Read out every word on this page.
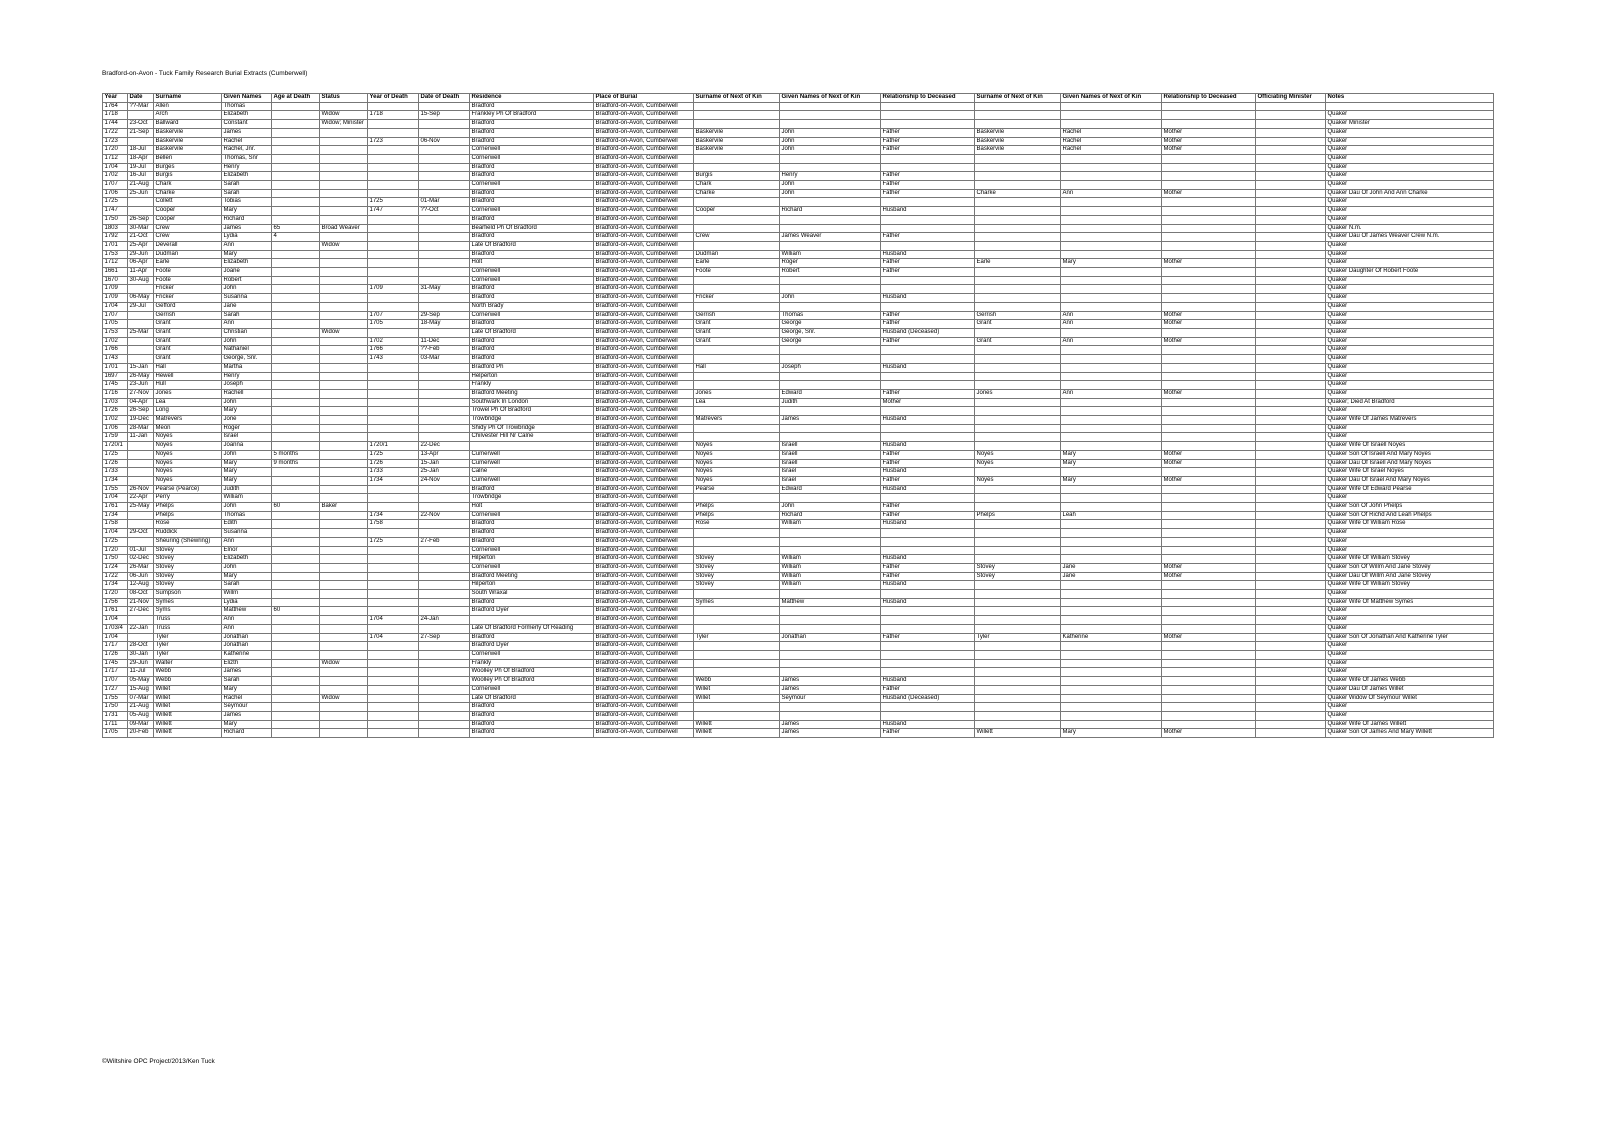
Bradford-on-Avon - Tuck Family Research Burial Extracts (Cumberwell)
Year	Date	Surname	Given Names	Age at Death	Status	Year of Death	Date of Death	Residence	Place of Burial	Surname of Next of Kin	Given Names of Next of Kin	Relationship to Deceased	Surname of Next of Kin	Given Names of Next of Kin	Relationship to Deceased	Officiating Minister	Notes
1764	??-Mar	Allen	Thomas					Bradford	Bradford-on-Avon, Cumberwell								
1718		Arch	Elizabeth		Widow	1718	15-Sep	Frankley Ph Of Bradford	Bradford-on-Avon, Cumberwell								Quaker
1744	23-Oct	Ballward	Constant		Widow; Minister			Bradford	Bradford-on-Avon, Cumberwell								Quaker Minister
1722	21-Sep	Baskervile	James					Bradford	Bradford-on-Avon, Cumberwell	Baskervile	John	Father	Baskervile	Rachel	Mother		Quaker
1723		Baskervile	Rachel			1723	06-Nov	Bradford	Bradford-on-Avon, Cumberwell	Baskervile	John	Father	Baskervile	Rachel	Mother		Quaker
1720	18-Jul	Baskervile	Rachel, Jnr.					Cornerwell	Bradford-on-Avon, Cumberwell	Baskervile	John	Father	Baskervile	Rachel	Mother		Quaker
1712	18-Apr	Bellen	Thomas, Snr					Cornerwell	Bradford-on-Avon, Cumberwell								Quaker
1704	19-Jul	Burges	Henry					Bradford	Bradford-on-Avon, Cumberwell								Quaker
1702	16-Jul	Burgis	Elizabeth					Bradford	Bradford-on-Avon, Cumberwell	Burgis	Henry	Father					Quaker
1707	21-Aug	Chark	Sarah					Cornerwell	Bradford-on-Avon, Cumberwell	Chark	John	Father					Quaker
1706	25-Jun	Charke	Sarah					Bradford	Bradford-on-Avon, Cumberwell	Charke	John	Father	Charke	Ann	Mother		Quaker Dau Of John And Ann Charke
1725		Collett	Tobias			1725	01-Mar	Bradford	Bradford-on-Avon, Cumberwell								Quaker
1747		Cooper	Mary			1747	??-Oct	Cornerwell	Bradford-on-Avon, Cumberwell	Cooper	Richard	Husband					Quaker
1750	26-Sep	Cooper	Richard					Bradford	Bradford-on-Avon, Cumberwell								Quaker
1803	30-Mar	Crew	James	65	Broad Weaver			Bearfield Ph Of Bradford	Bradford-on-Avon, Cumberwell								Quaker N.m.
1792	21-Oct	Crew	Lydia	4				Bradford	Bradford-on-Avon, Cumberwell	Crew	James Weaver	Father					Quaker Dau Of James Weaver Crew N.m.
1701	25-Apr	Deverall	Ann		Widow			Late Of Bradford	Bradford-on-Avon, Cumberwell								Quaker
1753	29-Jun	Dudman	Mary					Bradford	Bradford-on-Avon, Cumberwell	Dudman	William	Husband					Quaker
1712	06-Apr	Earle	Elizabeth					Holt	Bradford-on-Avon, Cumberwell	Earle	Roger	Father	Earle	Mary	Mother		Quaker
1661	11-Apr	Foote	Joane					Cornerwell	Bradford-on-Avon, Cumberwell	Foote	Robert	Father					Quaker Daughter Of Robert Foote
1670	30-Aug	Foote	Robert					Cornerwell	Bradford-on-Avon, Cumberwell								Quaker
1709		Fricker	John			1709	31-May	Bradford	Bradford-on-Avon, Cumberwell								Quaker
1709	06-May	Fricker	Susanna					Bradford	Bradford-on-Avon, Cumberwell	Fricker	John	Husband					Quaker
1704	29-Jul	Gefford	Jane					North Brady	Bradford-on-Avon, Cumberwell								Quaker
1707		Gerrish	Sarah			1707	29-Sep	Cornerwell	Bradford-on-Avon, Cumberwell	Gerrish	Thomas	Father	Gerrish	Ann	Mother		Quaker
1705		Grant	Ann			1705	18-May	Bradford	Bradford-on-Avon, Cumberwell	Grant	George	Father	Grant	Ann	Mother		Quaker
1753	25-Mar	Grant	Christian		Widow			Late Of Bradford	Bradford-on-Avon, Cumberwell	Grant	George, Snr.	Husband (Deceased)					Quaker
1702		Grant	John			1702	11-Dec	Bradford	Bradford-on-Avon, Cumberwell	Grant	George	Father	Grant	Ann	Mother		Quaker
1766		Grant	Nathaniel			1766	??-Feb	Bradford	Bradford-on-Avon, Cumberwell								Quaker
1743		Grant	George, Snr.			1743	03-Mar	Bradford	Bradford-on-Avon, Cumberwell								Quaker
1701	15-Jan	Hall	Martha					Bradford Ph	Bradford-on-Avon, Cumberwell	Hall	Joseph	Husband					Quaker
1697	26-May	Hewell	Henry					Helperton	Bradford-on-Avon, Cumberwell								Quaker
1745	23-Jun	Hull	Joseph					Frankly	Bradford-on-Avon, Cumberwell								Quaker
1716	27-Nov	Jones	Rachell					Bradford Meeting	Bradford-on-Avon, Cumberwell	Jones	Edward	Father	Jones	Ann	Mother		Quaker
1703	04-Apr	Lea	John					Southwark In London	Bradford-on-Avon, Cumberwell	Lea	Judith	Mother					Quaker; Died At Bradford
1726	26-Sep	Long	Mary					Trowel Ph Of Bradford	Bradford-on-Avon, Cumberwell								Quaker
1702	19-Dec	Matrevers	Jone					Trowbridge	Bradford-on-Avon, Cumberwell	Matrevers	James	Husband					Quaker Wife Of James Matrevers
1706	28-Mar	Meon	Roger					Shidy Ph Of Trowbridge	Bradford-on-Avon, Cumberwell								Quaker
1759	11-Jan	Noyes	Israel					Chilvester Hill Nr Calne	Bradford-on-Avon, Cumberwell								Quaker
1720/1		Noyes	Joanna			1720/1	22-Dec		Bradford-on-Avon, Cumberwell	Noyes	Israell	Husband					Quaker Wife Of Israell Noyes
1725		Noyes	John	5 months		1725	13-Apr	Cumerwell	Bradford-on-Avon, Cumberwell	Noyes	Israell	Father	Noyes	Mary	Mother		Quaker Son Of Israell And Mary Noyes
1726		Noyes	Mary	9 months		1726	15-Jan	Cumerwell	Bradford-on-Avon, Cumberwell	Noyes	Israell	Father	Noyes	Mary	Mother		Quaker Dau Of Israell And Mary Noyes
1733		Noyes	Mary			1733	25-Jan	Calne	Bradford-on-Avon, Cumberwell	Noyes	Israel	Husband					Quaker Wife Of Israel Noyes
1734		Noyes	Mary			1734	24-Nov	Cumerwell	Bradford-on-Avon, Cumberwell	Noyes	Israel	Father	Noyes	Mary	Mother		Quaker Dau Of Israel And Mary Noyes
1755	26-Nov	Pearse (Pearce)	Judith					Bradford	Bradford-on-Avon, Cumberwell	Pearse	Edward	Husband					Quaker Wife Of Edward Pearse
1704	22-Apr	Perry	William					Trowbridge	Bradford-on-Avon, Cumberwell								Quaker
1761	25-May	Phelps	John	60	Baker			Holt	Bradford-on-Avon, Cumberwell	Phelps	John	Father					Quaker Son Of John Phelps
1734		Phelps	Thomas			1734	22-Nov	Cornerwell	Bradford-on-Avon, Cumberwell	Phelps	Richard	Father	Phelps	Leah			Quaker Son Of Richd And Leah Phelps
1758		Rose	Edith			1758		Bradford	Bradford-on-Avon, Cumberwell	Rose	William	Husband					Quaker Wife Of William Rose
1704	29-Oct	Ruddick	Susanna					Bradford	Bradford-on-Avon, Cumberwell								Quaker
1725		Sheuring (Shewring)	Ann			1725	27-Feb	Bradford	Bradford-on-Avon, Cumberwell								Quaker
1720	01-Jul	Stovey	Elnor					Cornerwell	Bradford-on-Avon, Cumberwell								Quaker
1750	02-Dec	Stovey	Elizabeth					Hilperton	Bradford-on-Avon, Cumberwell	Stovey	William	Husband					Quaker Wife Of William Stovey
1724	26-Mar	Stovey	John					Cornerwell	Bradford-on-Avon, Cumberwell	Stovey	William	Father	Stovey	Jane	Mother		Quaker Son Of Willm And Jane Stovey
1722	06-Jun	Stovey	Mary					Bradford Meeting	Bradford-on-Avon, Cumberwell	Stovey	William	Father	Stovey	Jane	Mother		Quaker Dau Of Willm And Jane Stovey
1734	12-Aug	Stovey	Sarah					Hilperton	Bradford-on-Avon, Cumberwell	Stovey	William	Husband					Quaker Wife Of William Stovey
1720	08-Oct	Sumpson	Willm					South Wraxal	Bradford-on-Avon, Cumberwell								Quaker
1756	21-Nov	Symes	Lydia					Bradford	Bradford-on-Avon, Cumberwell	Symes	Matthew	Husband					Quaker Wife Of Matthew Symes
1761	27-Dec	Syms	Matthew	60				Bradford Dyer	Bradford-on-Avon, Cumberwell								Quaker
1704		Truss	Ann			1704	24-Jan		Bradford-on-Avon, Cumberwell								Quaker
1703/4	22-Jan	Truss	Ann					Late Of Bradford Formerly Of Reading	Bradford-on-Avon, Cumberwell								Quaker
1704		Tyler	Jonathan			1704	27-Sep	Bradford	Bradford-on-Avon, Cumberwell	Tyler	Jonathan	Father	Tyler	Katherine	Mother		Quaker Son Of Jonathan And Katherine Tyler
1717	28-Oct	Tyler	Jonathan					Bradford Dyer	Bradford-on-Avon, Cumberwell								Quaker
1726	30-Jan	Tyler	Katherine					Cornerwell	Bradford-on-Avon, Cumberwell								Quaker
1745	29-Jun	Walter	Elizth		Widow			Frankly	Bradford-on-Avon, Cumberwell								Quaker
1717	11-Jul	Webb	James					Woolley Ph Of Bradford	Bradford-on-Avon, Cumberwell								Quaker
1707	05-May	Webb	Sarah					Woolley Ph Of Bradford	Bradford-on-Avon, Cumberwell	Webb	James	Husband					Quaker Wife Of James Webb
1727	15-Aug	Willet	Mary					Cornerwell	Bradford-on-Avon, Cumberwell	Willet	James	Father					Quaker Dau Of James Willet
1755	07-Mar	Willet	Rachel		Widow			Late Of Bradford	Bradford-on-Avon, Cumberwell	Willet	Seymour	Husband (Deceased)					Quaker Widow Of Seymour Willet
1750	21-Aug	Willet	Seymour					Bradford	Bradford-on-Avon, Cumberwell								Quaker
1731	05-Aug	Willett	James					Bradford	Bradford-on-Avon, Cumberwell								Quaker
1711	09-Mar	Willett	Mary					Bradford	Bradford-on-Avon, Cumberwell	Willett	James	Husband					Quaker Wife Of James Willett
1705	20-Feb	Willett	Richard					Bradford	Bradford-on-Avon, Cumberwell	Willett	James	Father	Willett	Mary	Mother		Quaker Son Of James And Mary Willett
©Wiltshire OPC Project/2013/Ken Tuck
